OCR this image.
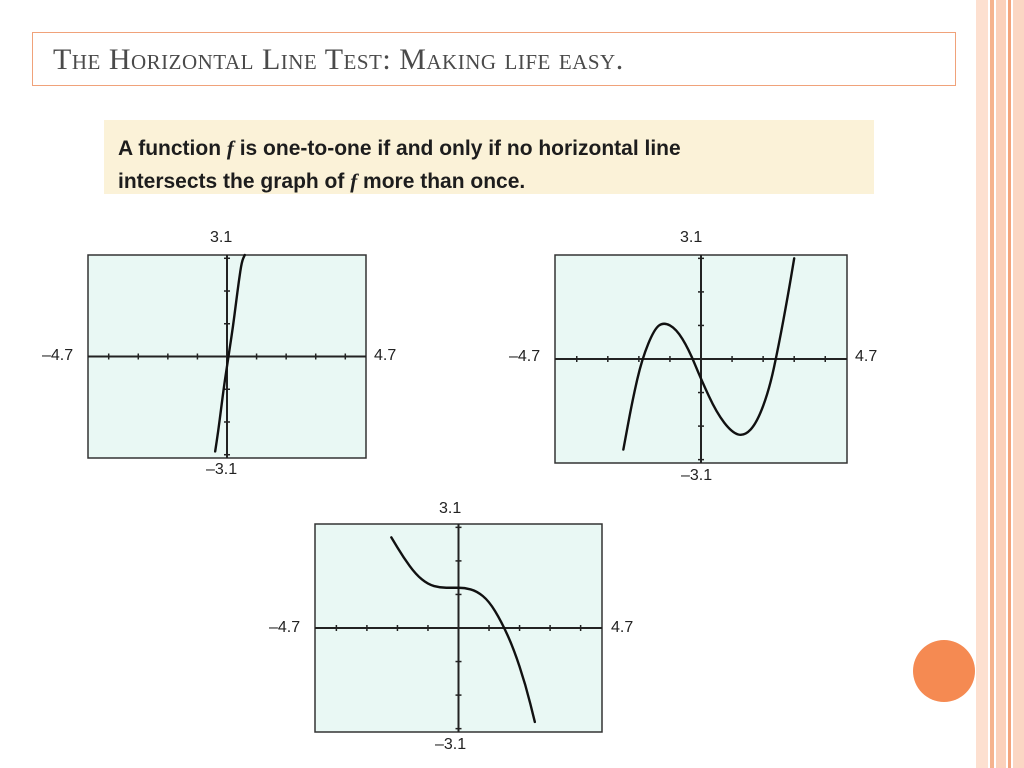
The Horizontal Line Test: Making life easy.
A function f is one-to-one if and only if no horizontal line
intersects the graph of f more than once.
3.1
–3.1
–4.7	4.7
3.1
–3.1
–4.7	4.7
3.1
–3.1
–4.7	4.7
